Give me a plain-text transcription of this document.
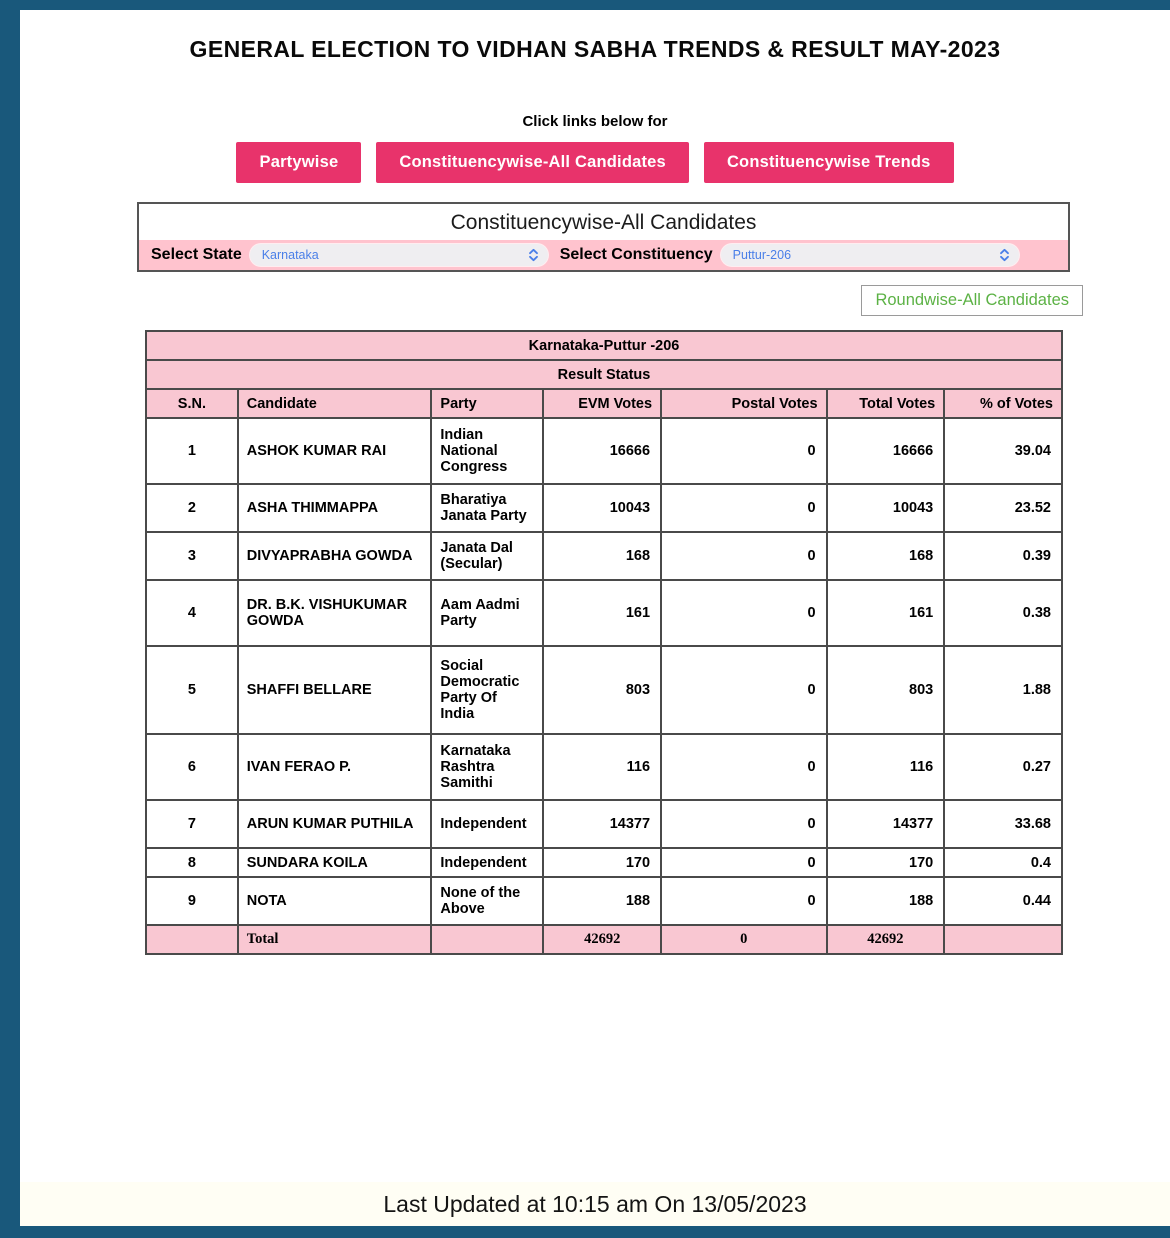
GENERAL ELECTION TO VIDHAN SABHA TRENDS & RESULT MAY-2023
Click links below for
Partywise	Constituencywise-All Candidates	Constituencywise Trends
Constituencywise-All Candidates
Select State Karnataka	Select Constituency Puttur-206
Roundwise-All Candidates
Karnataka-Puttur -206						
Result Status						
S.N.	Candidate	Party	EVM Votes	Postal Votes	Total Votes	% of Votes
1	ASHOK KUMAR RAI	Indian National Congress	16666	0	16666	39.04
2	ASHA THIMMAPPA	Bharatiya Janata Party	10043	0	10043	23.52
3	DIVYAPRABHA GOWDA	Janata Dal (Secular)	168	0	168	0.39
4	DR. B.K. VISHUKUMAR GOWDA	Aam Aadmi Party	161	0	161	0.38
5	SHAFFI BELLARE	Social Democratic Party Of India	803	0	803	1.88
6	IVAN FERAO P.	Karnataka Rashtra Samithi	116	0	116	0.27
7	ARUN KUMAR PUTHILA	Independent	14377	0	14377	33.68
8	SUNDARA KOILA	Independent	170	0	170	0.4
9	NOTA	None of the Above	188	0	188	0.44
	Total		42692	0	42692	
Last Updated at 10:15 am On 13/05/2023
